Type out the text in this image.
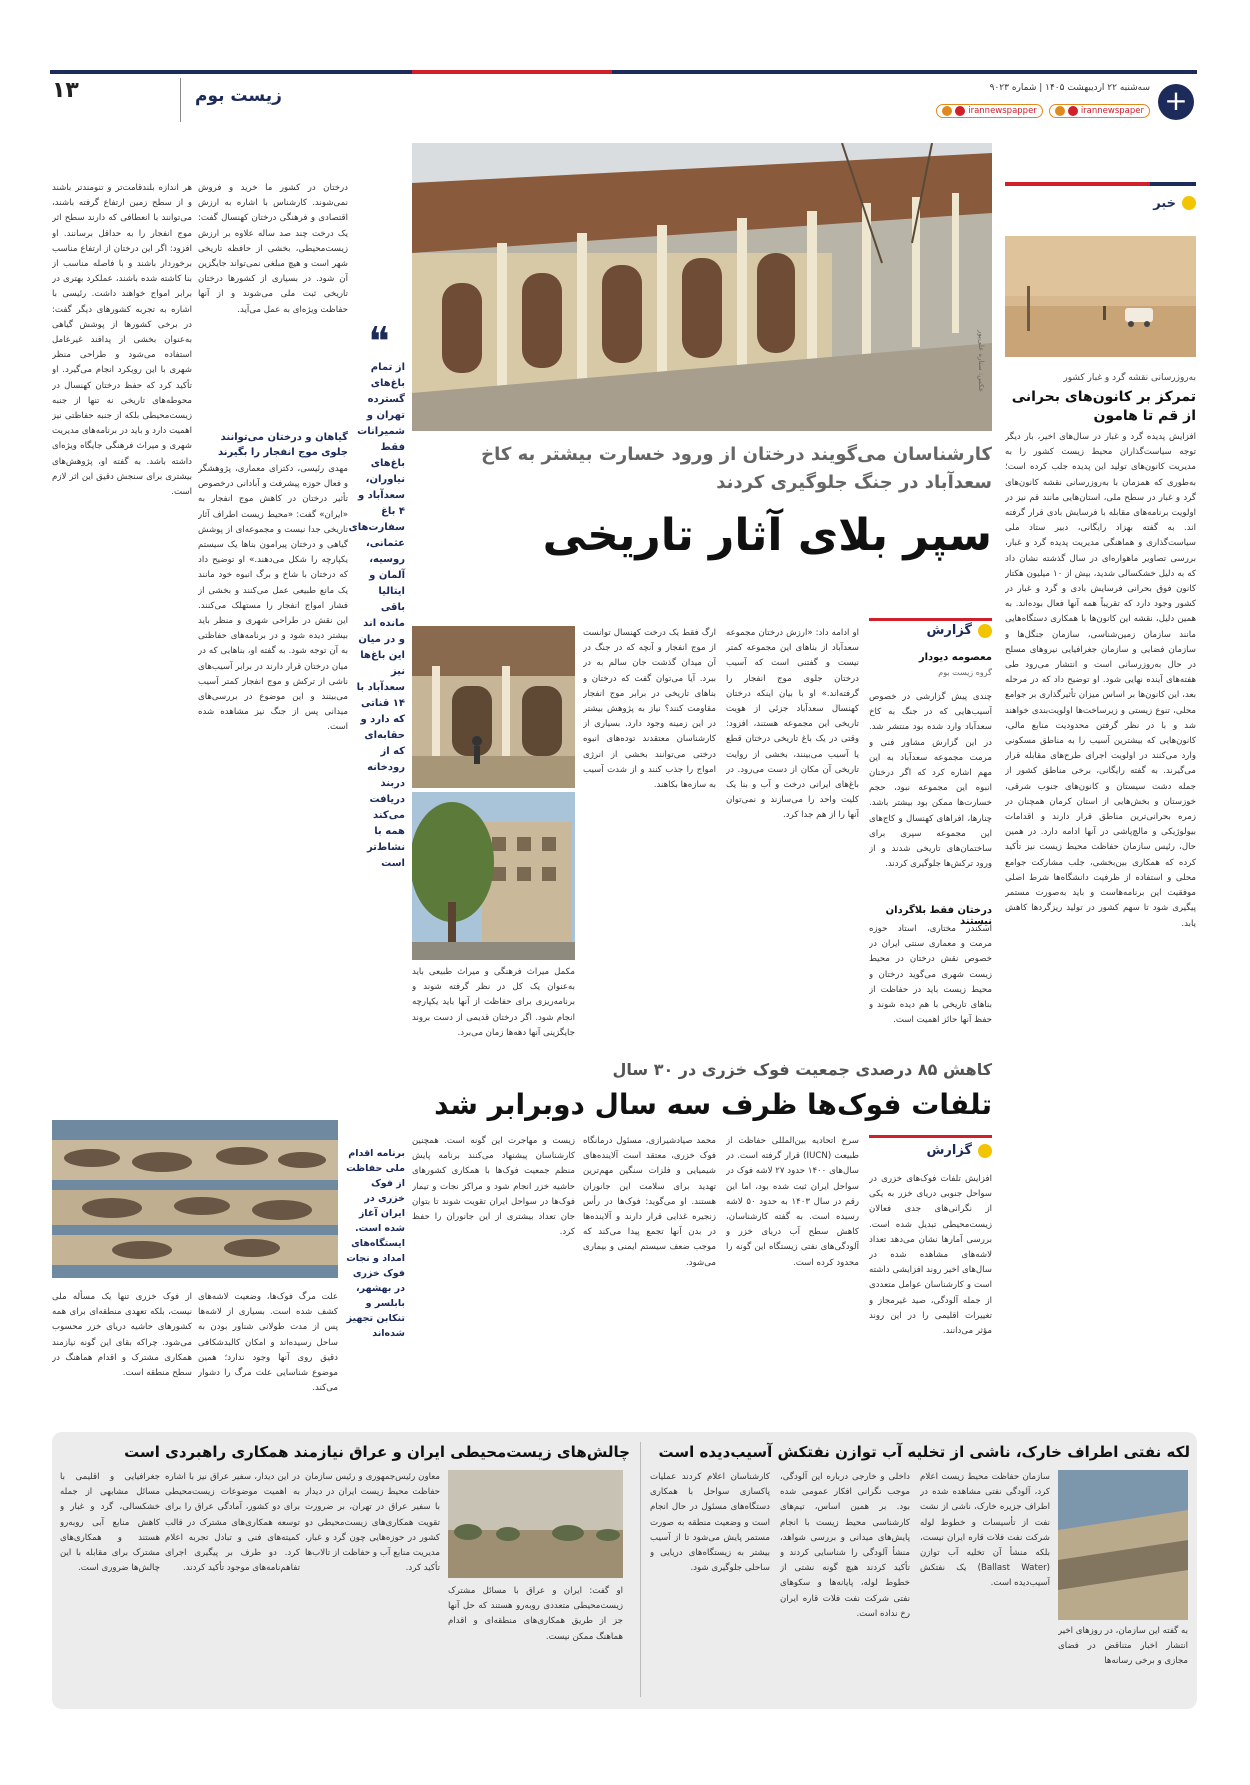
+
سه‌شنبه ۲۲ اردیبهشت ۱۴۰۵ | شماره ۹۰۲۳
irannewspaper
irannewspapper
۱۳	زیست بوم
خبر
به‌روزرسانی نقشه گرد و غبار کشور
تمرکز بر کانون‌های بحرانی از قم تا هامون
افزایش پدیده گرد و غبار در سال‌های اخیر، بار دیگر توجه سیاست‌گذاران محیط زیست کشور را به مدیریت کانون‌های تولید این پدیده جلب کرده است؛ به‌طوری که همزمان با به‌روزرسانی نقشه کانون‌های گرد و غبار در سطح ملی، استان‌هایی مانند قم نیز در اولویت برنامه‌های مقابله با فرسایش بادی قرار گرفته اند. به گفته بهزاد رایگانی، دبیر ستاد ملی سیاست‌گذاری و هماهنگی مدیریت پدیده گرد و غبار، بررسی تصاویر ماهواره‌ای در سال گذشته نشان داد که به دلیل خشکسالی شدید، بیش از ۱۰ میلیون هکتار کانون فوق بحرانی فرسایش بادی و گرد و غبار در کشور وجود دارد که تقریباً همه آنها فعال بوده‌اند. به همین دلیل، نقشه این کانون‌ها با همکاری دستگاه‌هایی مانند سازمان زمین‌شناسی، سازمان جنگل‌ها و سازمان فضایی و سازمان جغرافیایی نیروهای مسلح در حال به‌روزرسانی است و انتشار می‌رود طی هفته‌های آینده نهایی شود. او توضیح داد که در مرحله بعد، این کانون‌ها بر اساس میزان تأثیرگذاری بر جوامع محلی، تنوع زیستی و زیرساخت‌ها اولویت‌بندی خواهند شد و با در نظر گرفتن محدودیت منابع مالی، کانون‌هایی که بیشترین آسیب را به مناطق مسکونی وارد می‌کنند در اولویت اجرای طرح‌های مقابله قرار می‌گیرند. به گفته رایگانی، برخی مناطق کشور از جمله دشت سیستان و کانون‌های جنوب شرقی، خوزستان و بخش‌هایی از استان کرمان همچنان در زمره بحرانی‌ترین مناطق قرار دارند و اقدامات بیولوژیکی و مالچ‌پاشی در آنها ادامه دارد. در همین حال، رئیس سازمان حفاظت محیط زیست نیز تأکید کرده که همکاری بین‌بخشی، جلب مشارکت جوامع محلی و استفاده از ظرفیت دانشگاه‌ها شرط اصلی موفقیت این برنامه‌هاست و باید به‌صورت مستمر پیگیری شود تا سهم کشور در تولید ریزگردها کاهش یابد.
عکس: ستاره علی‌پور
کارشناسان می‌گویند درختان از ورود خسارت بیشتر به کاخ سعدآباد در جنگ جلوگیری کردند
سپر بلای آثار تاریخی
گزارش
معصومه دیودار
گروه زیست بوم
چندی پیش گزارشی در خصوص آسیب‌هایی که در جنگ به کاخ سعدآباد وارد شده بود منتشر شد. در این گزارش مشاور فنی و مرمت مجموعه سعدآباد به این مهم اشاره کرد که اگر درختان انبوه این مجموعه نبود، حجم خسارت‌ها ممکن بود بیشتر باشد. چنار‌ها، افراهای کهنسال و کاج‌های این مجموعه سپری برای ساختمان‌های تاریخی شدند و از ورود ترکش‌ها جلوگیری کردند.
درختان فقط بلاگردان نیستند
اسکندر مختاری، استاد حوزه مرمت و معماری سنتی ایران در خصوص نقش درختان در محیط زیست شهری می‌گوید درختان و محیط زیست باید در حفاظت از بناهای تاریخی با هم دیده شوند و حفظ آنها حائز اهمیت است.
او ادامه داد: «ارزش درختان مجموعه سعدآباد از بناهای این مجموعه کمتر نیست و گفتنی است که آسیب درختان جلوی موج انفجار را گرفته‌اند.» او با بیان اینکه درختان کهنسال سعدآباد جزئی از هویت تاریخی این مجموعه هستند، افزود: وقتی در یک باغ تاریخی درختان قطع یا آسیب می‌بینند، بخشی از روایت تاریخی آن مکان از دست می‌رود. در باغ‌های ایرانی درخت و آب و بنا یک کلیت واحد را می‌سازند و نمی‌توان آنها را از هم جدا کرد.
ارگ فقط یک درخت کهنسال توانست از موج انفجار و آنچه که در جنگ در آن میدان گذشت جان سالم به در ببرد. آیا می‌توان گفت که درختان و بناهای تاریخی در برابر موج انفجار مقاومت کنند؟ نیاز به پژوهش بیشتر در این زمینه وجود دارد. بسیاری از کارشناسان معتقدند توده‌های انبوه درختی می‌توانند بخشی از انرژی امواج را جذب کنند و از شدت آسیب به سازه‌ها بکاهند.
مکمل میراث فرهنگی و میراث طبیعی باید به‌عنوان یک کل در نظر گرفته شوند و برنامه‌ریزی برای حفاظت از آنها باید یکپارچه انجام شود. اگر درختان قدیمی از دست بروند جایگزینی آنها دهه‌ها زمان می‌برد.
❝
از تمام باغ‌های گسترده تهران و شمیرانات فقط باغ‌های نیاوران، سعدآباد و ۴ باغ سفارت‌های عثمانی، روسیه، آلمان و ایتالیا باقی مانده اند و در میان این باغ‌ها نیز سعدآباد با ۱۴ قناتی که دارد و حقابه‌ای که از رودخانه دربند دریافت می‌کند همه با نشاط‌تر است
درختان در کشور ما خرید و فروش نمی‌شوند. کارشناس با اشاره به ارزش اقتصادی و فرهنگی درختان کهنسال گفت: یک درخت چند صد ساله علاوه بر ارزش زیست‌محیطی، بخشی از حافظه تاریخی شهر است و هیچ مبلغی نمی‌تواند جایگزین آن شود. در بسیاری از کشورها درختان تاریخی ثبت ملی می‌شوند و از آنها حفاظت ویژه‌ای به عمل می‌آید.
گیاهان و درختان می‌توانند جلوی موج انفجار را بگیرند
مهدی رئیسی، دکترای معماری، پژوهشگر و فعال حوزه پیشرفت و آبادانی درخصوص تأثیر درختان در کاهش موج انفجار به «ایران» گفت: «محیط زیست اطراف آثار تاریخی جدا نیست و مجموعه‌ای از پوشش گیاهی و درختان پیرامون بناها یک سیستم یکپارچه را شکل می‌دهند.» او توضیح داد که درختان با شاخ و برگ انبوه خود مانند یک مانع طبیعی عمل می‌کنند و بخشی از فشار امواج انفجار را مستهلک می‌کنند. این نقش در طراحی شهری و منظر باید بیشتر دیده شود و در برنامه‌های حفاظتی به آن توجه شود. به گفته او، بناهایی که در میان درختان قرار دارند در برابر آسیب‌های ناشی از ترکش و موج انفجار کمتر آسیب می‌بینند و این موضوع در بررسی‌های میدانی پس از جنگ نیز مشاهده شده است.
هر اندازه بلندقامت‌تر و تنومندتر باشند و از سطح زمین ارتفاع گرفته باشند، می‌توانند با انعطافی که دارند سطح اثر موج انفجار را به حداقل برسانند. او افزود: اگر این درختان از ارتفاع مناسب برخوردار باشند و با فاصله مناسب از بنا کاشته شده باشند، عملکرد بهتری در برابر امواج خواهند داشت. رئیسی با اشاره به تجربه کشورهای دیگر گفت: در برخی کشورها از پوشش گیاهی به‌عنوان بخشی از پدافند غیرعامل استفاده می‌شود و طراحی منظر شهری با این رویکرد انجام می‌گیرد. او تأکید کرد که حفظ درختان کهنسال در محوطه‌های تاریخی نه تنها از جنبه زیست‌محیطی بلکه از جنبه حفاظتی نیز اهمیت دارد و باید در برنامه‌های مدیریت شهری و میراث فرهنگی جایگاه ویژه‌ای داشته باشد. به گفته او، پژوهش‌های بیشتری برای سنجش دقیق این اثر لازم است.
کاهش ۸۵ درصدی جمعیت فوک خزری در ۳۰ سال
تلفات فوک‌ها ظرف سه سال دوبرابر شد
گزارش
افزایش تلفات فوک‌های خزری در سواحل جنوبی دریای خزر به یکی از نگرانی‌های جدی فعالان زیست‌محیطی تبدیل شده است. بررسی آمارها نشان می‌دهد تعداد لاشه‌های مشاهده شده در سال‌های اخیر روند افزایشی داشته است و کارشناسان عوامل متعددی از جمله آلودگی، صید غیرمجاز و تغییرات اقلیمی را در این روند مؤثر می‌دانند.
سرخ اتحادیه بین‌المللی حفاظت از طبیعت (IUCN) قرار گرفته است. در سال‌های ۱۴۰۰ حدود ۲۷ لاشه فوک در سواحل ایران ثبت شده بود، اما این رقم در سال ۱۴۰۳ به حدود ۵۰ لاشه رسیده است. به گفته کارشناسان، کاهش سطح آب دریای خزر و آلودگی‌های نفتی زیستگاه این گونه را محدود کرده است.
محمد صیادشیرازی، مسئول درمانگاه فوک خزری، معتقد است آلاینده‌های شیمیایی و فلزات سنگین مهم‌ترین تهدید برای سلامت این جانوران هستند. او می‌گوید: فوک‌ها در رأس زنجیره غذایی قرار دارند و آلاینده‌ها در بدن آنها تجمع پیدا می‌کند که موجب ضعف سیستم ایمنی و بیماری می‌شود.
زیست و مهاجرت این گونه است. همچنین کارشناسان پیشنهاد می‌کنند برنامه پایش منظم جمعیت فوک‌ها با همکاری کشورهای حاشیه خزر انجام شود و مراکز نجات و تیمار فوک‌ها در سواحل ایران تقویت شوند تا بتوان جان تعداد بیشتری از این جانوران را حفظ کرد.
برنامه اقدام ملی حفاظت از فوک خزری در ایران آغاز شده است. ایستگاه‌های امداد و نجات فوک خزری در بهشهر، بابلسر و تنکابن تجهیز شده‌اند
علت مرگ فوک‌ها، وضعیت لاشه‌های کشف شده است. بسیاری از لاشه‌ها پس از مدت طولانی شناور بودن به ساحل رسیده‌اند و امکان کالبدشکافی دقیق روی آنها وجود ندارد؛ همین موضوع شناسایی علت مرگ را دشوار می‌کند.
از فوک خزری تنها یک مسأله ملی نیست، بلکه تعهدی منطقه‌ای برای همه کشورهای حاشیه دریای خزر محسوب می‌شود. چراکه بقای این گونه نیازمند همکاری مشترک و اقدام هماهنگ در سطح منطقه است.
لکه نفتی اطراف خارک، ناشی از تخلیه آب توازن نفتکش آسیب‌دیده است
به گفته این سازمان، در روزهای اخیر انتشار اخبار متناقض در فضای مجازی و برخی رسانه‌ها
سازمان حفاظت محیط زیست اعلام کرد، آلودگی نفتی مشاهده شده در اطراف جزیره خارک، ناشی از نشت نفت از تأسیسات و خطوط لوله شرکت نفت فلات قاره ایران نیست، بلکه منشأ آن تخلیه آب توازن (Ballast Water) یک نفتکش آسیب‌دیده است.
داخلی و خارجی درباره این آلودگی، موجب نگرانی افکار عمومی شده بود. بر همین اساس، تیم‌های کارشناسی محیط زیست با انجام پایش‌های میدانی و بررسی شواهد، منشأ آلودگی را شناسایی کردند و تأکید کردند هیچ گونه نشتی از خطوط لوله، پایانه‌ها و سکوهای نفتی شرکت نفت فلات قاره ایران رخ نداده است.
کارشناسان اعلام کردند عملیات پاکسازی سواحل با همکاری دستگاه‌های مسئول در حال انجام است و وضعیت منطقه به صورت مستمر پایش می‌شود تا از آسیب بیشتر به زیستگاه‌های دریایی و ساحلی جلوگیری شود.
چالش‌های زیست‌محیطی ایران و عراق نیازمند همکاری راهبردی است
او گفت: ایران و عراق با مسائل مشترک زیست‌محیطی متعددی روبه‌رو هستند که حل آنها جز از طریق همکاری‌های منطقه‌ای و اقدام هماهنگ ممکن نیست.
معاون رئیس‌جمهوری و رئیس سازمان حفاظت محیط زیست ایران در دیدار با سفیر عراق در تهران، بر ضرورت تقویت همکاری‌های زیست‌محیطی دو کشور در حوزه‌هایی چون گرد و غبار، مدیریت منابع آب و حفاظت از تالاب‌ها تأکید کرد.
در این دیدار، سفیر عراق نیز با اشاره به اهمیت موضوعات زیست‌محیطی برای دو کشور، آمادگی عراق را برای توسعه همکاری‌های مشترک در قالب کمیته‌های فنی و تبادل تجربه اعلام کرد. دو طرف بر پیگیری اجرای تفاهم‌نامه‌های موجود تأکید کردند.
جغرافیایی و اقلیمی با مسائل مشابهی از جمله خشکسالی، گرد و غبار و کاهش منابع آبی روبه‌رو هستند و همکاری‌های مشترک برای مقابله با این چالش‌ها ضروری است.
